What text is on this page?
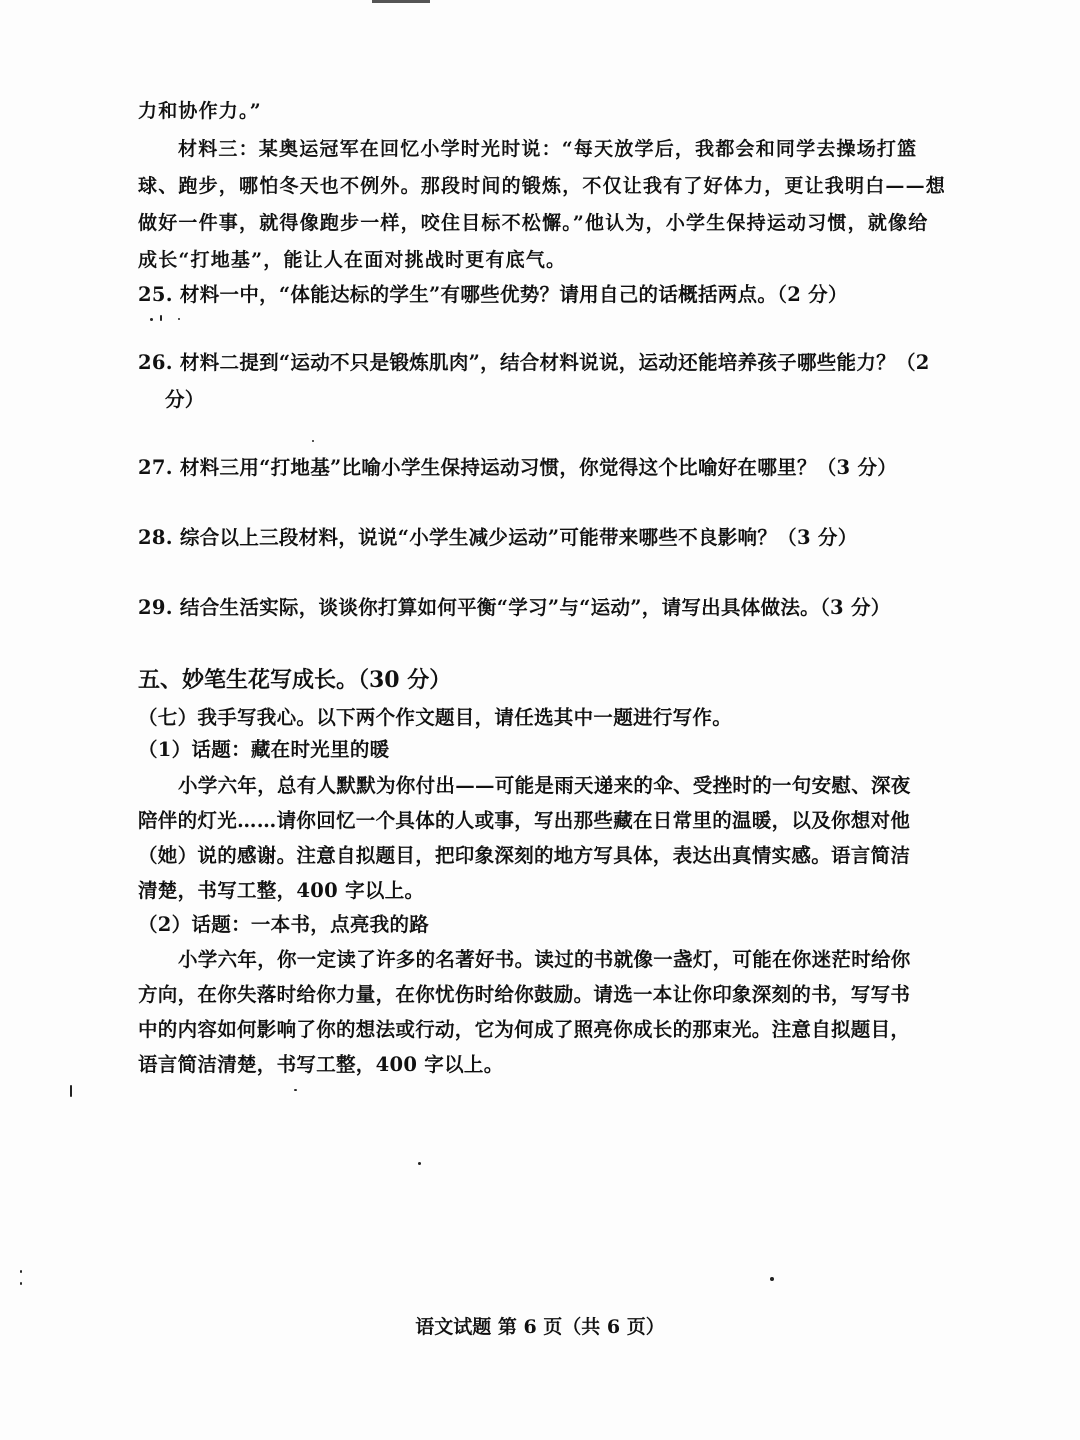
力和协作力。”
材料三：某奥运冠军在回忆小学时光时说：“每天放学后，我都会和同学去操场打篮
球、跑步，哪怕冬天也不例外。那段时间的锻炼，不仅让我有了好体力，更让我明白——想
做好一件事，就得像跑步一样，咬住目标不松懈。”他认为，小学生保持运动习惯，就像给
成长“打地基”，能让人在面对挑战时更有底气。
25. 材料一中，“体能达标的学生”有哪些优势？请用自己的话概括两点。（2 分）
26. 材料二提到“运动不只是锻炼肌肉”，结合材料说说，运动还能培养孩子哪些能力？（2
分）
27. 材料三用“打地基”比喻小学生保持运动习惯，你觉得这个比喻好在哪里？（3 分）
28. 综合以上三段材料，说说“小学生减少运动”可能带来哪些不良影响？（3 分）
29. 结合生活实际，谈谈你打算如何平衡“学习”与“运动”，请写出具体做法。（3 分）
五、妙笔生花写成长。（30 分）
（七）我手写我心。以下两个作文题目，请任选其中一题进行写作。
（1）话题：藏在时光里的暖
小学六年，总有人默默为你付出——可能是雨天递来的伞、受挫时的一句安慰、深夜
陪伴的灯光……请你回忆一个具体的人或事，写出那些藏在日常里的温暖，以及你想对他
（她）说的感谢。注意自拟题目，把印象深刻的地方写具体，表达出真情实感。语言简洁
清楚，书写工整，400 字以上。
（2）话题：一本书，点亮我的路
小学六年，你一定读了许多的名著好书。读过的书就像一盏灯，可能在你迷茫时给你
方向，在你失落时给你力量，在你忧伤时给你鼓励。请选一本让你印象深刻的书，写写书
中的内容如何影响了你的想法或行动，它为何成了照亮你成长的那束光。注意自拟题目，
语言简洁清楚，书写工整，400 字以上。
语文试题 第 6 页（共 6 页）
